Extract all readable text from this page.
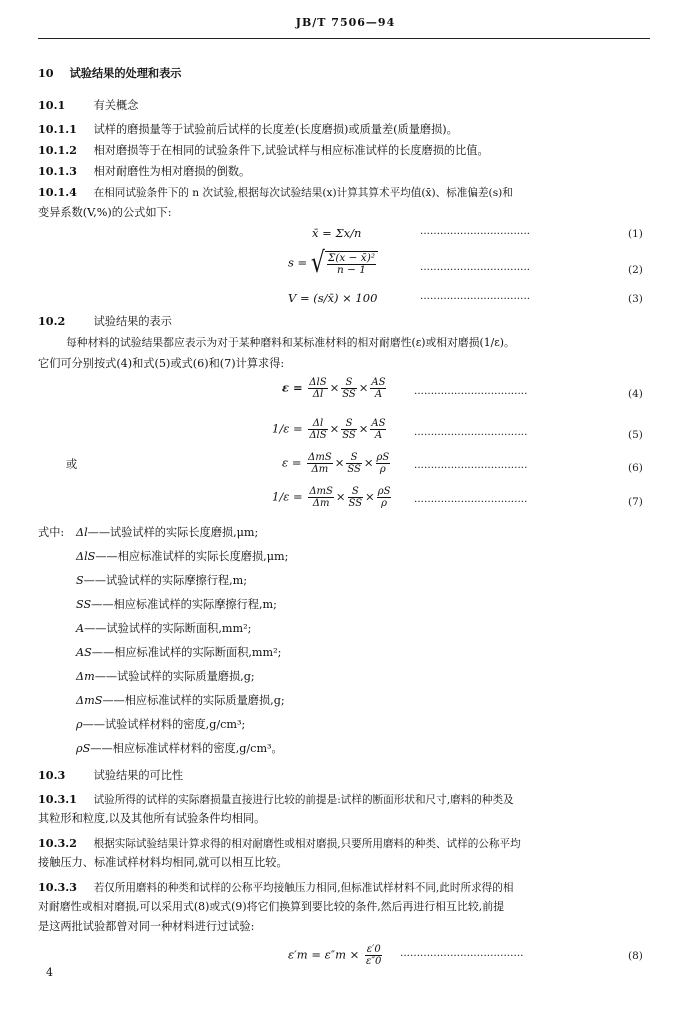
JB/T 7506—94
10 试验结果的处理和表示
10.1	有关概念
10.1.1 试样的磨损量等于试验前后试样的长度差(长度磨损)或质量差(质量磨损)。
10.1.2 相对磨损等于在相同的试验条件下,试验试样与相应标准试样的长度磨损的比值。
10.1.3 相对耐磨性为相对磨损的倒数。
10.1.4 在相同试验条件下的 n 次试验,根据每次试验结果(x)计算其算术平均值(x̄)、标准偏差(s)和
变异系数(V,%)的公式如下:
x̄ = Σx/n	·································	(1)
s = √ $\frac{\text{Σ(x − x̄)²}}{n - 1}$	·································	(2)
V = (s/x̄) × 100	·································	(3)
10.2	试验结果的表示
每种材料的试验结果都应表示为对于某种磨料和某标准材料的相对耐磨性(ε)或相对磨损(1/ε)。
它们可分别按式(4)和式(5)或式(6)和(7)计算求得:
$\varepsilon = \frac{\text{ΔlS}}{\Delta l} \times \frac{S}{SS} \times \frac{AS}{A}$	··································	(4)
$1/\varepsilon = \frac{\Delta l}{\text{ΔlS}} \times \frac{S}{SS} \times \frac{AS}{A}$	··································	(5)
或	$\varepsilon = \frac{\text{ΔmS}}{\Delta m} \times \frac{S}{SS} \times \frac{\rho S}{\rho}$ ··································	(6)
$1/\varepsilon = \frac{\text{ΔmS}}{\Delta m} \times \frac{S}{SS} \times \frac{\rho S}{\rho}$ ··································	(7)
式中: Δl——试验试样的实际长度磨损,μm;
ΔlS——相应标准试样的实际长度磨损,μm;
S——试验试样的实际摩擦行程,m;
SS——相应标准试样的实际摩擦行程,m;
A——试验试样的实际断面积,mm²;
AS——相应标准试样的实际断面积,mm²;
Δm——试验试样的实际质量磨损,g;
ΔmS——相应标准试样的实际质量磨损,g;
ρ——试验试样材料的密度,g/cm³;
ρS——相应标准试样材料的密度,g/cm³。
10.3	试验结果的可比性
10.3.1 试验所得的试样的实际磨损量直接进行比较的前提是:试样的断面形状和尺寸,磨料的种类及
其粒形和粒度,以及其他所有试验条件均相同。
10.3.2 根据实际试验结果计算求得的相对耐磨性或相对磨损,只要所用磨料的种类、试样的公称平均
接触压力、标准试样材料均相同,就可以相互比较。
10.3.3 若仅所用磨料的种类和试样的公称平均接触压力相同,但标准试样材料不同,此时所求得的相
对耐磨性或相对磨损,可以采用式(8)或式(9)将它们换算到要比较的条件,然后再进行相互比较,前提
是这两批试验都曾对同一种材料进行过试验:
$\varepsilon'm = \varepsilon''m \times \frac{\varepsilon'0}{\varepsilon''0}$ ·····································	(8)
4
